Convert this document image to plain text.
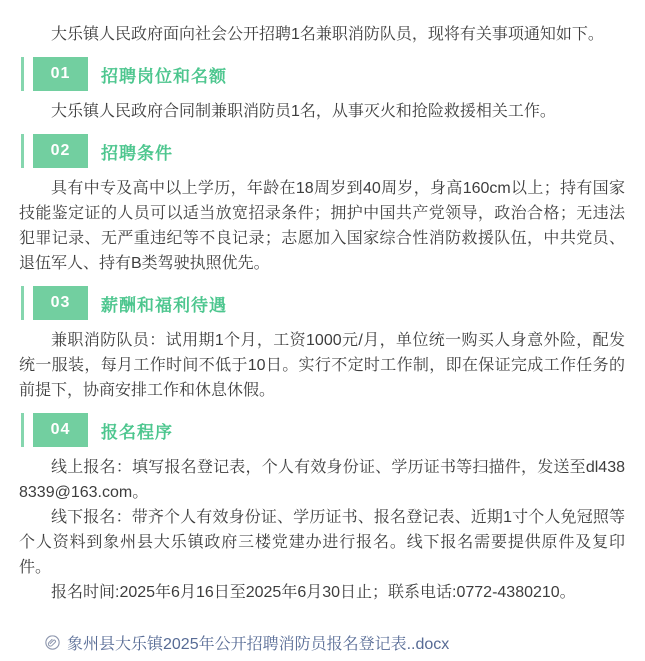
大乐镇人民政府面向社会公开招聘1名兼职消防队员，现将有关事项通知如下。

01	招聘岗位和名额

大乐镇人民政府合同制兼职消防员1名，从事灭火和抢险救援相关工作。

02	招聘条件

具有中专及高中以上学历，年龄在18周岁到40周岁，身高160cm以上；持有国家技能鉴定证的人员可以适当放宽招录条件；拥护中国共产党领导，政治合格；无违法犯罪记录、无严重违纪等不良记录；志愿加入国家综合性消防救援队伍，中共党员、退伍军人、持有B类驾驶执照优先。

03	薪酬和福利待遇

兼职消防队员：试用期1个月，工资1000元/月，单位统一购买人身意外险，配发统一服装，每月工作时间不低于10日。实行不定时工作制，即在保证完成工作任务的前提下，协商安排工作和休息休假。

04	报名程序

线上报名：填写报名登记表，个人有效身份证、学历证书等扫描件，发送至dl4388339@163.com。

线下报名：带齐个人有效身份证、学历证书、报名登记表、近期1寸个人免冠照等个人资料到象州县大乐镇政府三楼党建办进行报名。线下报名需要提供原件及复印件。

报名时间:2025年6月16日至2025年6月30日止；联系电话:0772-4380210。

象州县大乐镇2025年公开招聘消防员报名登记表..docx
